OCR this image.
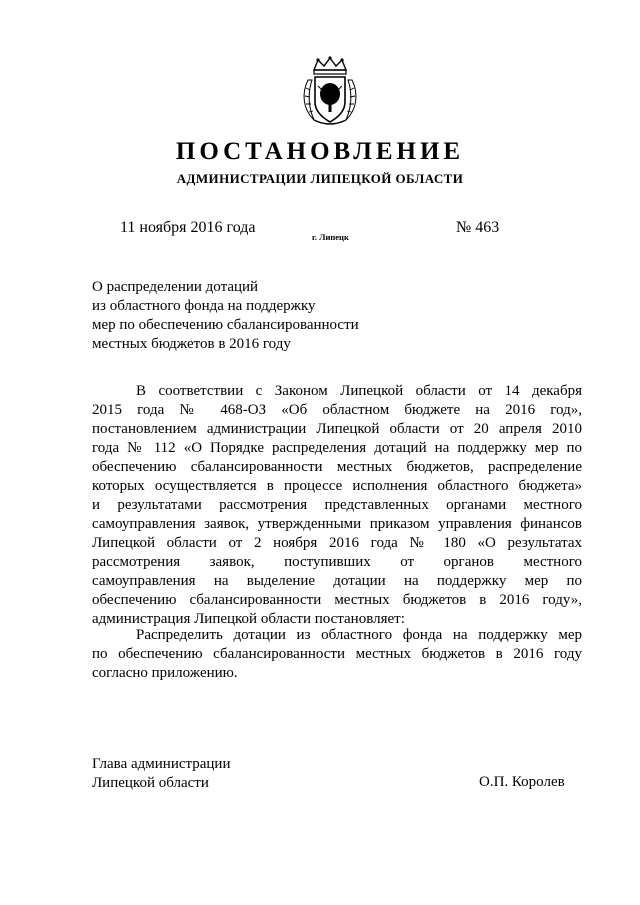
ПОСТАНОВЛЕНИЕ
АДМИНИСТРАЦИИ ЛИПЕЦКОЙ ОБЛАСТИ
11 ноября 2016 года
г. Липецк
№ 463
О распределении дотаций
из областного фонда на поддержку
мер по обеспечению сбалансированности
местных бюджетов в 2016 году
В соответствии с Законом Липецкой области от 14 декабря
2015 года № 468-ОЗ «Об областном бюджете на 2016 год»,
постановлением администрации Липецкой области от 20 апреля 2010
года № 112 «О Порядке распределения дотаций на поддержку мер по
обеспечению сбалансированности местных бюджетов, распределение
которых осуществляется в процессе исполнения областного бюджета»
и результатами рассмотрения представленных органами местного
самоуправления заявок, утвержденными приказом управления финансов
Липецкой области от 2 ноября 2016 года № 180 «О результатах
рассмотрения заявок, поступивших от органов местного
самоуправления на выделение дотации на поддержку мер по
обеспечению сбалансированности местных бюджетов в 2016 году»,
администрация Липецкой области постановляет:
Распределить дотации из областного фонда на поддержку мер
по обеспечению сбалансированности местных бюджетов в 2016 году
согласно приложению.
Глава администрации
Липецкой области	О.П. Королев
